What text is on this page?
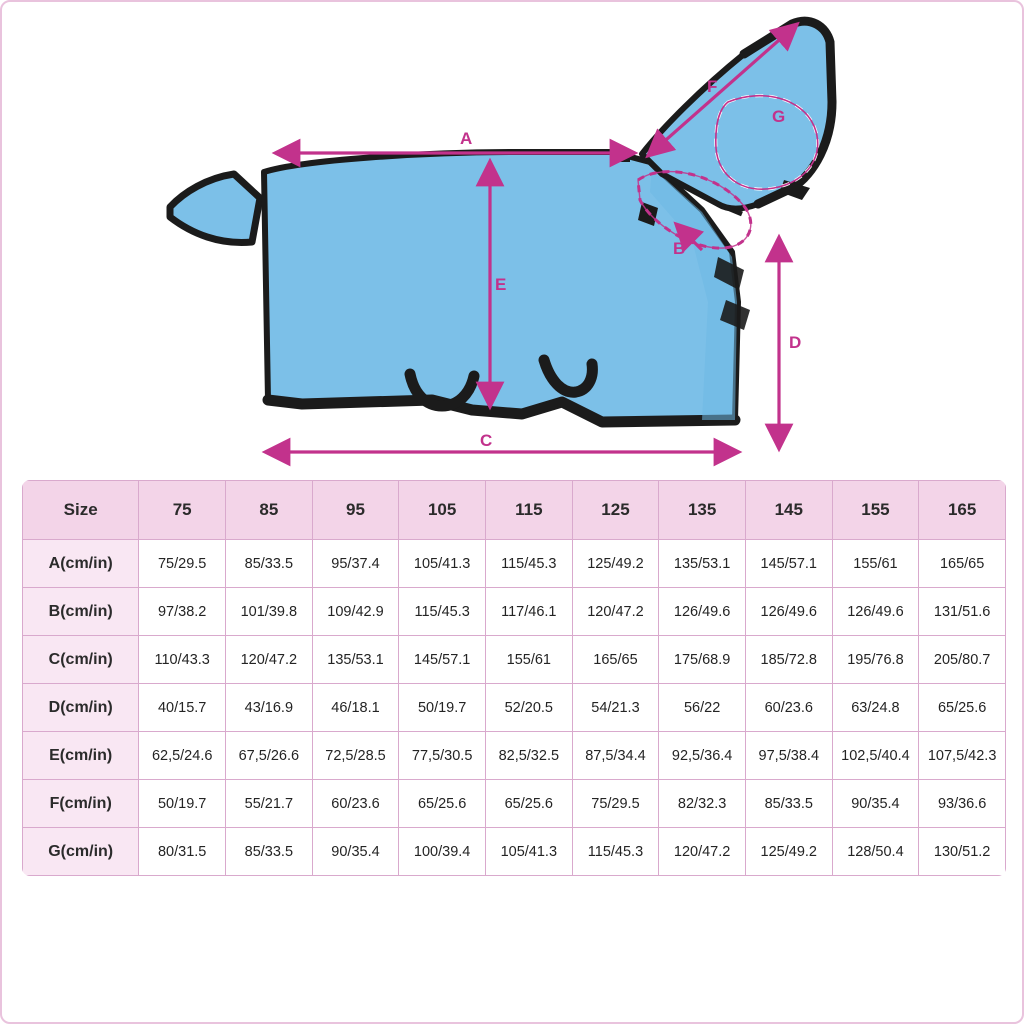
A
E
C
D
F
G
B
Size	75	85	95	105	115	125	135	145	155	165
A(cm/in)	75/29.5	85/33.5	95/37.4	105/41.3	115/45.3	125/49.2	135/53.1	145/57.1	155/61	165/65
B(cm/in)	97/38.2	101/39.8	109/42.9	115/45.3	117/46.1	120/47.2	126/49.6	126/49.6	126/49.6	131/51.6
C(cm/in)	110/43.3	120/47.2	135/53.1	145/57.1	155/61	165/65	175/68.9	185/72.8	195/76.8	205/80.7
D(cm/in)	40/15.7	43/16.9	46/18.1	50/19.7	52/20.5	54/21.3	56/22	60/23.6	63/24.8	65/25.6
E(cm/in)	62,5/24.6	67,5/26.6	72,5/28.5	77,5/30.5	82,5/32.5	87,5/34.4	92,5/36.4	97,5/38.4	102,5/40.4	107,5/42.3
F(cm/in)	50/19.7	55/21.7	60/23.6	65/25.6	65/25.6	75/29.5	82/32.3	85/33.5	90/35.4	93/36.6
G(cm/in)	80/31.5	85/33.5	90/35.4	100/39.4	105/41.3	115/45.3	120/47.2	125/49.2	128/50.4	130/51.2
